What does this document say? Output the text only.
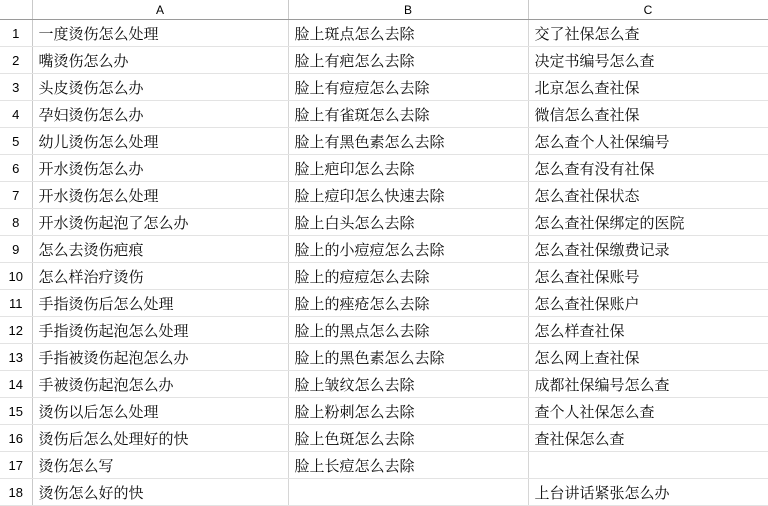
	A	B	C
1	一度烫伤怎么处理	脸上斑点怎么去除	交了社保怎么查
2	嘴烫伤怎么办	脸上有疤怎么去除	决定书编号怎么查
3	头皮烫伤怎么办	脸上有痘痘怎么去除	北京怎么查社保
4	孕妇烫伤怎么办	脸上有雀斑怎么去除	微信怎么查社保
5	幼儿烫伤怎么处理	脸上有黑色素怎么去除	怎么查个人社保编号
6	开水烫伤怎么办	脸上疤印怎么去除	怎么查有没有社保
7	开水烫伤怎么处理	脸上痘印怎么快速去除	怎么查社保状态
8	开水烫伤起泡了怎么办	脸上白头怎么去除	怎么查社保绑定的医院
9	怎么去烫伤疤痕	脸上的小痘痘怎么去除	怎么查社保缴费记录
10	怎么样治疗烫伤	脸上的痘痘怎么去除	怎么查社保账号
11	手指烫伤后怎么处理	脸上的痤疮怎么去除	怎么查社保账户
12	手指烫伤起泡怎么处理	脸上的黑点怎么去除	怎么样查社保
13	手指被烫伤起泡怎么办	脸上的黑色素怎么去除	怎么网上查社保
14	手被烫伤起泡怎么办	脸上皱纹怎么去除	成都社保编号怎么查
15	烫伤以后怎么处理	脸上粉刺怎么去除	查个人社保怎么查
16	烫伤后怎么处理好的快	脸上色斑怎么去除	查社保怎么查
17	烫伤怎么写	脸上长痘怎么去除	
18	烫伤怎么好的快		上台讲话紧张怎么办
